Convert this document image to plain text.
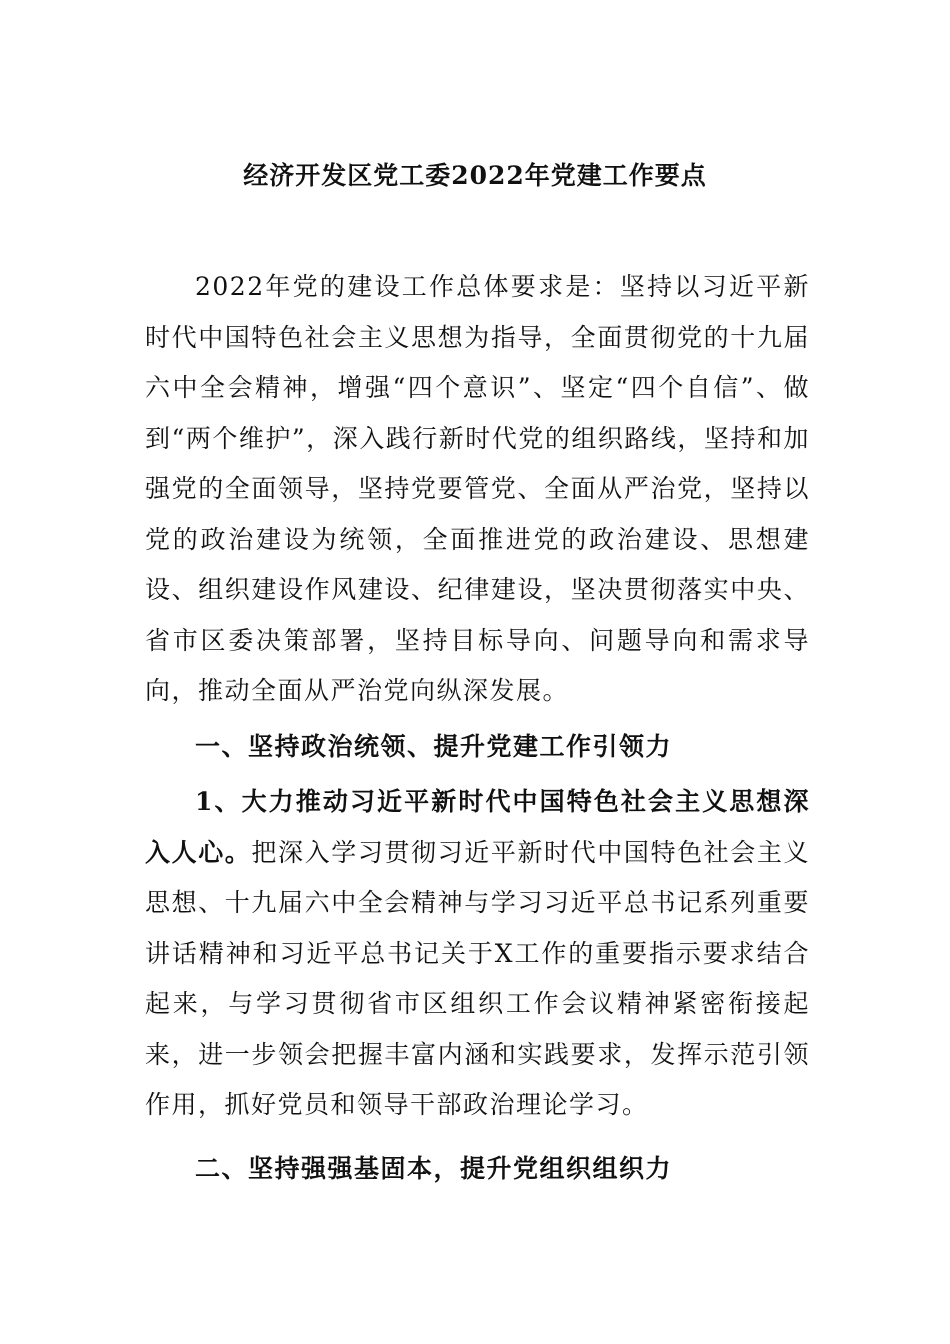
经济开发区党工委2022年党建工作要点
2022年党的建设工作总体要求是：坚持以习近平新时代中国特色社会主义思想为指导，全面贯彻党的十九届六中全会精神，增强“四个意识”、坚定“四个自信”、做到“两个维护”，深入践行新时代党的组织路线，坚持和加强党的全面领导，坚持党要管党、全面从严治党，坚持以党的政治建设为统领，全面推进党的政治建设、思想建设、组织建设作风建设、纪律建设，坚决贯彻落实中央、省市区委决策部署，坚持目标导向、问题导向和需求导向，推动全面从严治党向纵深发展。
一、坚持政治统领、提升党建工作引领力
1、大力推动习近平新时代中国特色社会主义思想深入人心。把深入学习贯彻习近平新时代中国特色社会主义思想、十九届六中全会精神与学习习近平总书记系列重要讲话精神和习近平总书记关于X工作的重要指示要求结合起来，与学习贯彻省市区组织工作会议精神紧密衔接起来，进一步领会把握丰富内涵和实践要求，发挥示范引领作用，抓好党员和领导干部政治理论学习。
二、坚持强强基固本，提升党组织组织力
